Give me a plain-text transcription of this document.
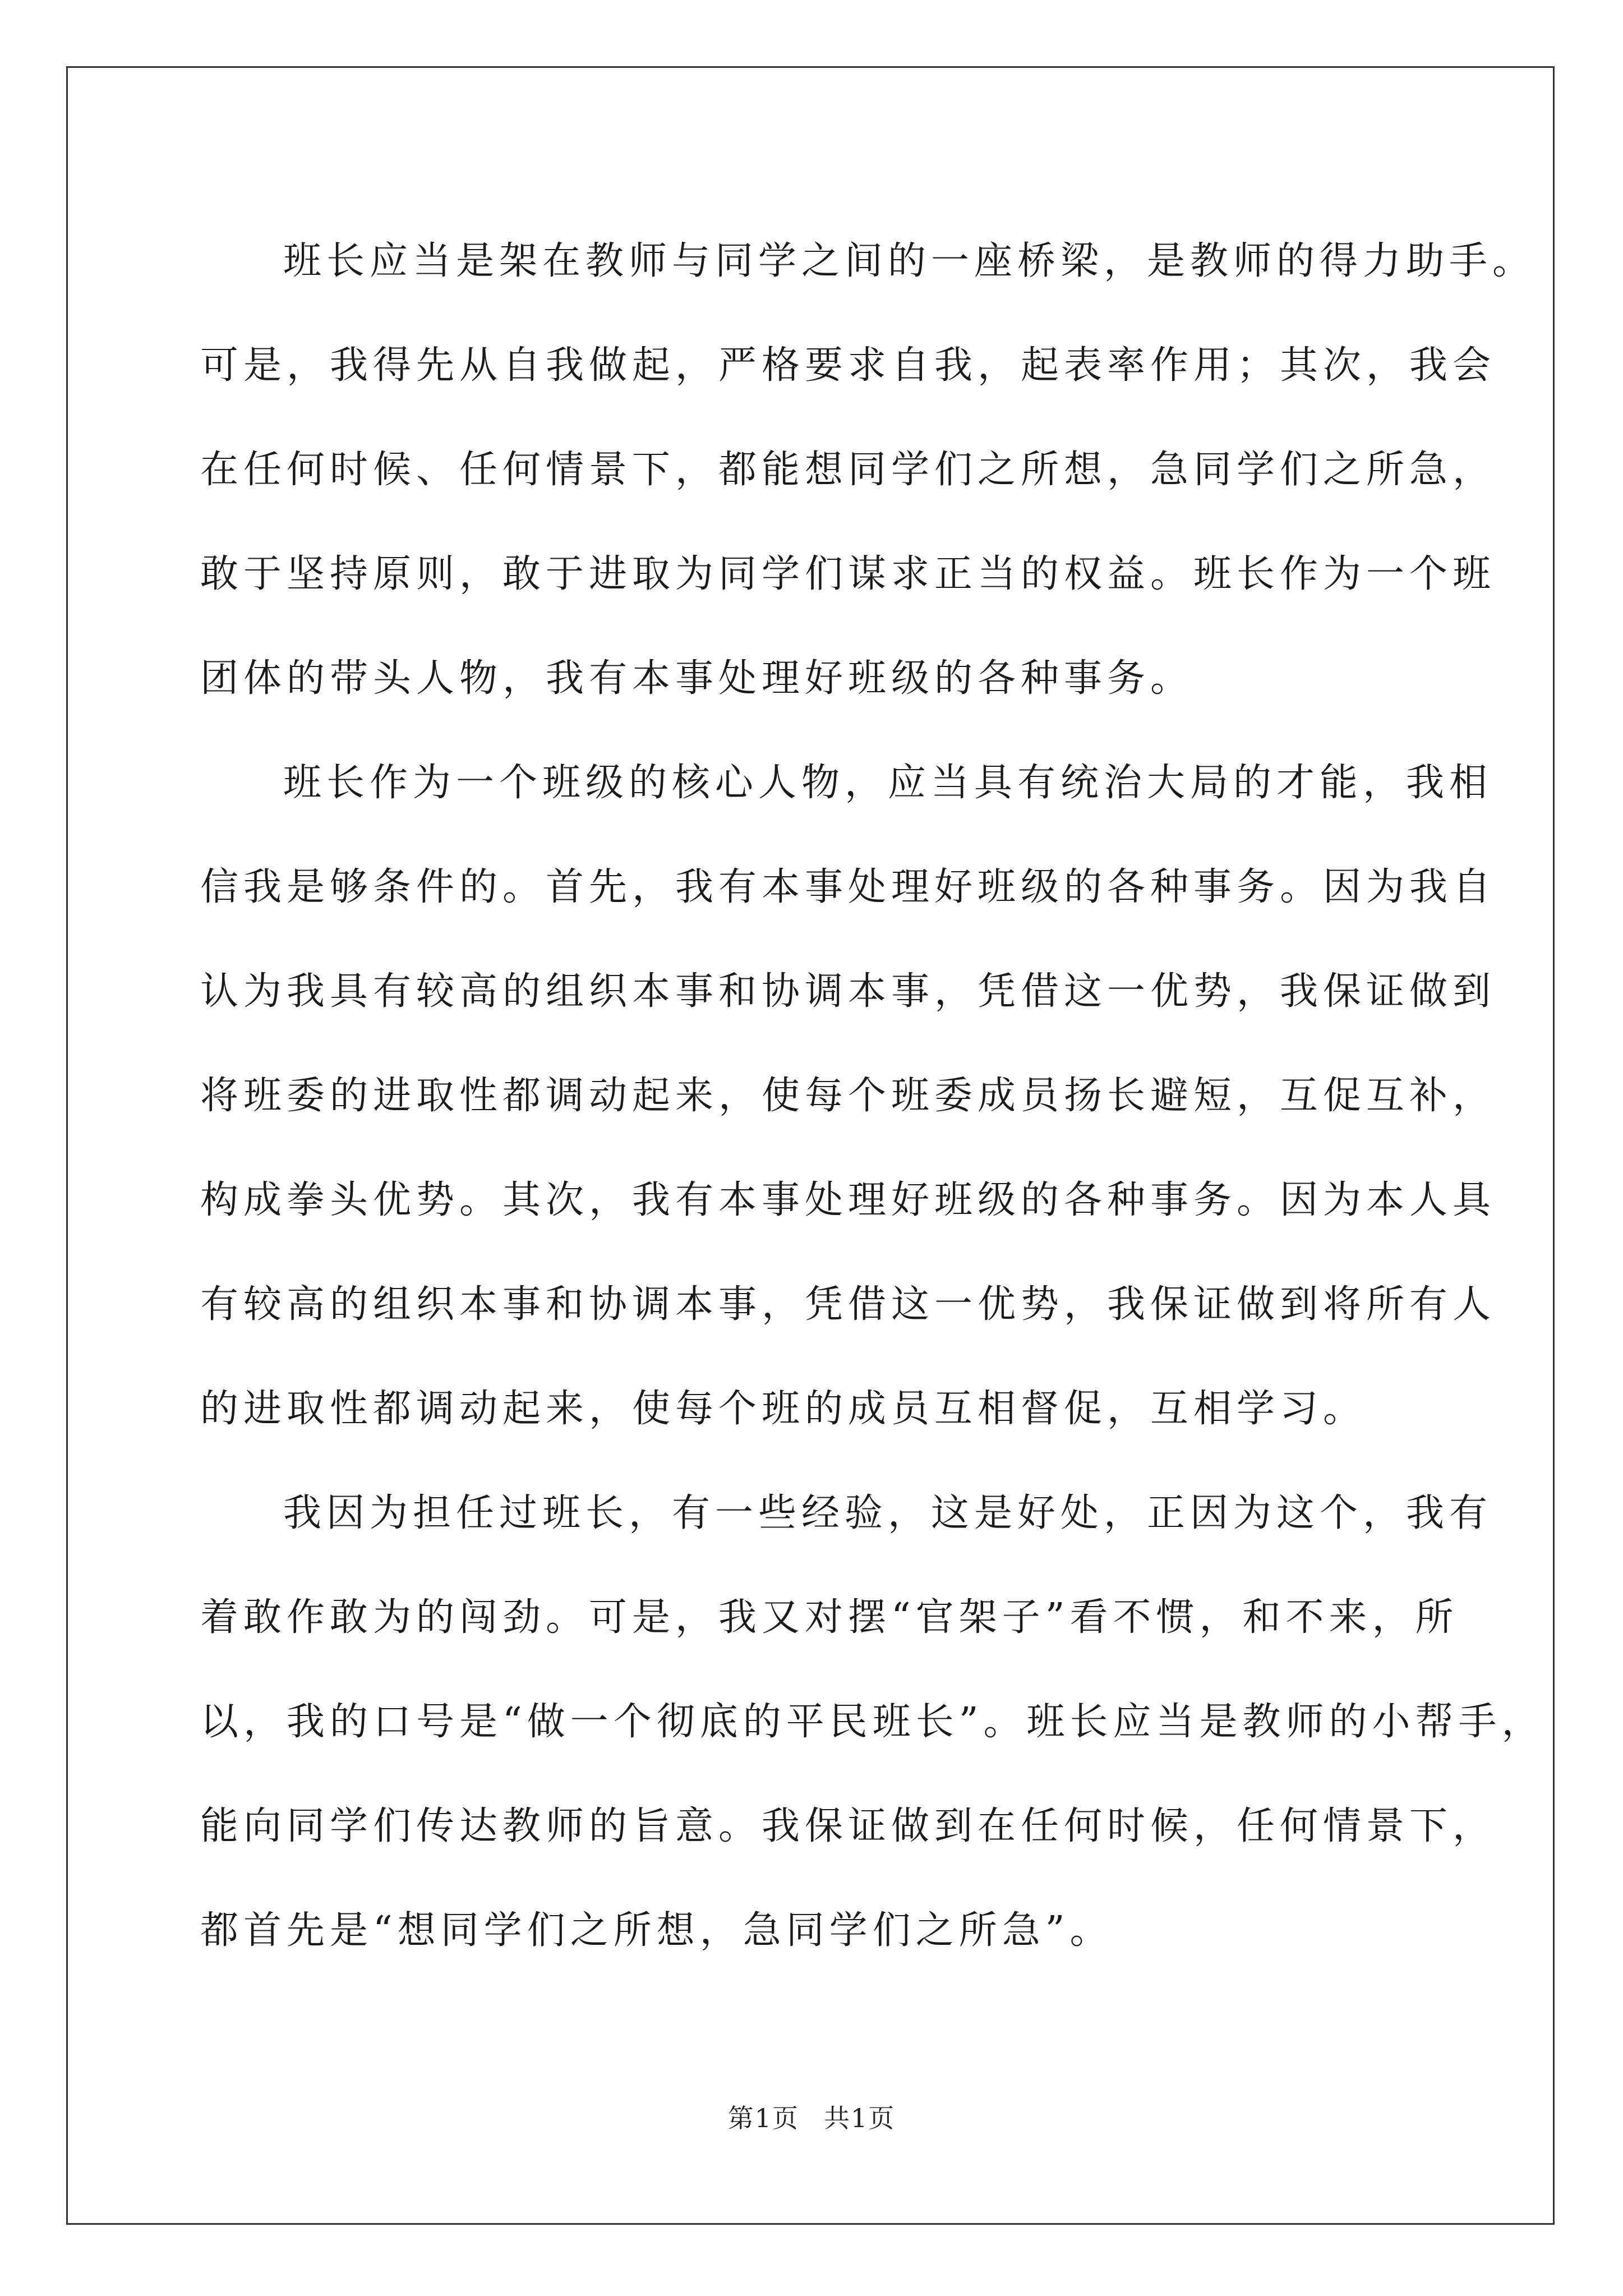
班长应当是架在教师与同学之间的一座桥梁，是教师的得力助手。
可是，我得先从自我做起，严格要求自我，起表率作用；其次，我会
在任何时候、任何情景下，都能想同学们之所想，急同学们之所急，
敢于坚持原则，敢于进取为同学们谋求正当的权益。班长作为一个班
团体的带头人物，我有本事处理好班级的各种事务。

班长作为一个班级的核心人物，应当具有统治大局的才能，我相
信我是够条件的。首先，我有本事处理好班级的各种事务。因为我自
认为我具有较高的组织本事和协调本事，凭借这一优势，我保证做到
将班委的进取性都调动起来，使每个班委成员扬长避短，互促互补，
构成拳头优势。其次，我有本事处理好班级的各种事务。因为本人具
有较高的组织本事和协调本事，凭借这一优势，我保证做到将所有人
的进取性都调动起来，使每个班的成员互相督促，互相学习。

我因为担任过班长，有一些经验，这是好处，正因为这个，我有
着敢作敢为的闯劲。可是，我又对摆“官架子”看不惯，和不来，所
以，我的口号是“做一个彻底的平民班长”。班长应当是教师的小帮手，
能向同学们传达教师的旨意。我保证做到在任何时候，任何情景下，
都首先是“想同学们之所想，急同学们之所急”。

第1页 共1页
